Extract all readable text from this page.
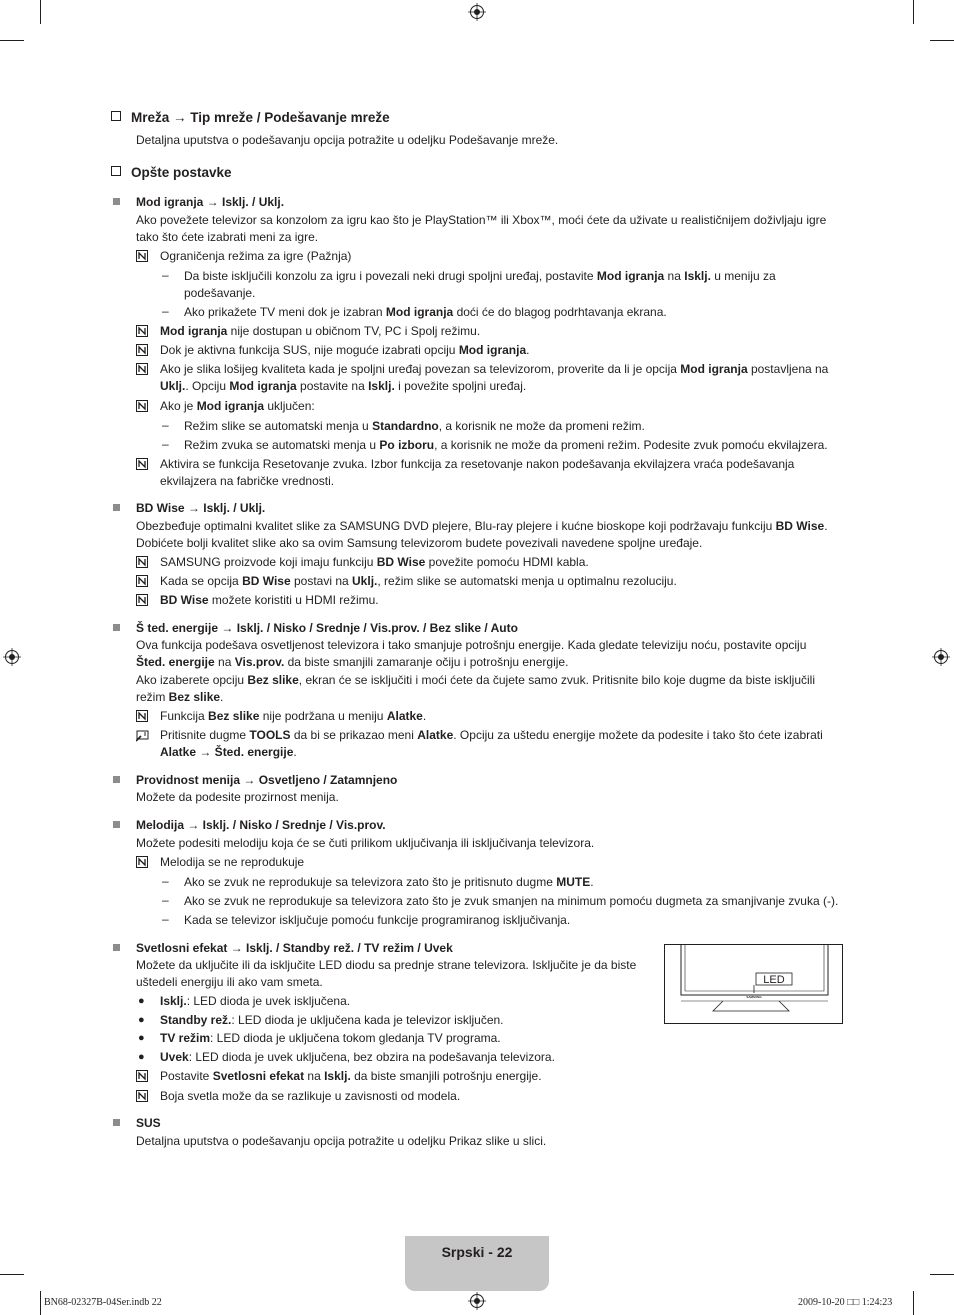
Mreža → Tip mreže / Podešavanje mreže
Detaljna uputstva o podešavanju opcija potražite u odeljku Podešavanje mreže.
Opšte postavke
Mod igranja → Isklj. / Uklj.
Ako povežete televizor sa konzolom za igru kao što je PlayStation™ ili Xbox™, moći ćete da uživate u realističnijem doživljaju igre
tako što ćete izabrati meni za igre.
Ograničenja režima za igre (Pažnja)
– Da biste isključili konzolu za igru i povezali neki drugi spoljni uređaj, postavite Mod igranja na Isklj. u meniju za
podešavanje.
– Ako prikažete TV meni dok je izabran Mod igranja doći će do blagog podrhtavanja ekrana.
Mod igranja nije dostupan u običnom TV, PC i Spolj režimu.
Dok je aktivna funkcija SUS, nije moguće izabrati opciju Mod igranja.
Ako je slika lošijeg kvaliteta kada je spoljni uređaj povezan sa televizorom, proverite da li je opcija Mod igranja postavljena na
Uklj.. Opciju Mod igranja postavite na Isklj. i povežite spoljni uređaj.
Ako je Mod igranja uključen:
– Režim slike se automatski menja u Standardno, a korisnik ne može da promeni režim.
– Režim zvuka se automatski menja u Po izboru, a korisnik ne može da promeni režim. Podesite zvuk pomoću ekvilajzera.
Aktivira se funkcija Resetovanje zvuka. Izbor funkcija za resetovanje nakon podešavanja ekvilajzera vraća podešavanja
ekvilajzera na fabričke vrednosti.
BD Wise → Isklj. / Uklj.
Obezbeđuje optimalni kvalitet slike za SAMSUNG DVD plejere, Blu-ray plejere i kućne bioskope koji podržavaju funkciju BD Wise.
Dobićete bolji kvalitet slike ako sa ovim Samsung televizorom budete povezivali navedene spoljne uređaje.
SAMSUNG proizvode koji imaju funkciju BD Wise povežite pomoću HDMI kabla.
Kada se opcija BD Wise postavi na Uklj., režim slike se automatski menja u optimalnu rezoluciju.
BD Wise možete koristiti u HDMI režimu.
Š ted. energije → Isklj. / Nisko / Srednje / Vis.prov. / Bez slike / Auto
Ova funkcija podešava osvetljenost televizora i tako smanjuje potrošnju energije. Kada gledate televiziju noću, postavite opciju
Šted. energije na Vis.prov. da biste smanjili zamaranje očiju i potrošnju energije.
Ako izaberete opciju Bez slike, ekran će se isključiti i moći ćete da čujete samo zvuk. Pritisnite bilo koje dugme da biste isključili
režim Bez slike.
Funkcija Bez slike nije podržana u meniju Alatke.
Pritisnite dugme TOOLS da bi se prikazao meni Alatke. Opciju za uštedu energije možete da podesite i tako što ćete izabrati
Alatke → Šted. energije.
Providnost menija → Osvetljeno / Zatamnjeno
Možete da podesite prozirnost menija.
Melodija → Isklj. / Nisko / Srednje / Vis.prov.
Možete podesiti melodiju koja će se čuti prilikom uključivanja ili isključivanja televizora.
Melodija se ne reprodukuje
– Ako se zvuk ne reprodukuje sa televizora zato što je pritisnuto dugme MUTE.
– Ako se zvuk ne reprodukuje sa televizora zato što je zvuk smanjen na minimum pomoću dugmeta za smanjivanje zvuka (-).
– Kada se televizor isključuje pomoću funkcije programiranog isključivanja.
Svetlosni efekat → Isklj. / Standby rež. / TV režim / Uvek
Možete da uključite ili da isključite LED diodu sa prednje strane televizora. Isključite je da biste
uštedeli energiju ili ako vam smeta.
● Isklj.: LED dioda je uvek isključena.
● Standby rež.: LED dioda je uključena kada je televizor isključen.
● TV režim: LED dioda je uključena tokom gledanja TV programa.
● Uvek: LED dioda je uvek uključena, bez obzira na podešavanja televizora.
Postavite Svetlosni efekat na Isklj. da biste smanjili potrošnju energije.
Boja svetla može da se razlikuje u zavisnosti od modela.
LED
SAMSUNG
SUS
Detaljna uputstva o podešavanju opcija potražite u odeljku Prikaz slike u slici.
Srpski - 22
BN68-02327B-04Ser.indb 22	2009-10-20 □□ 1:24:23
